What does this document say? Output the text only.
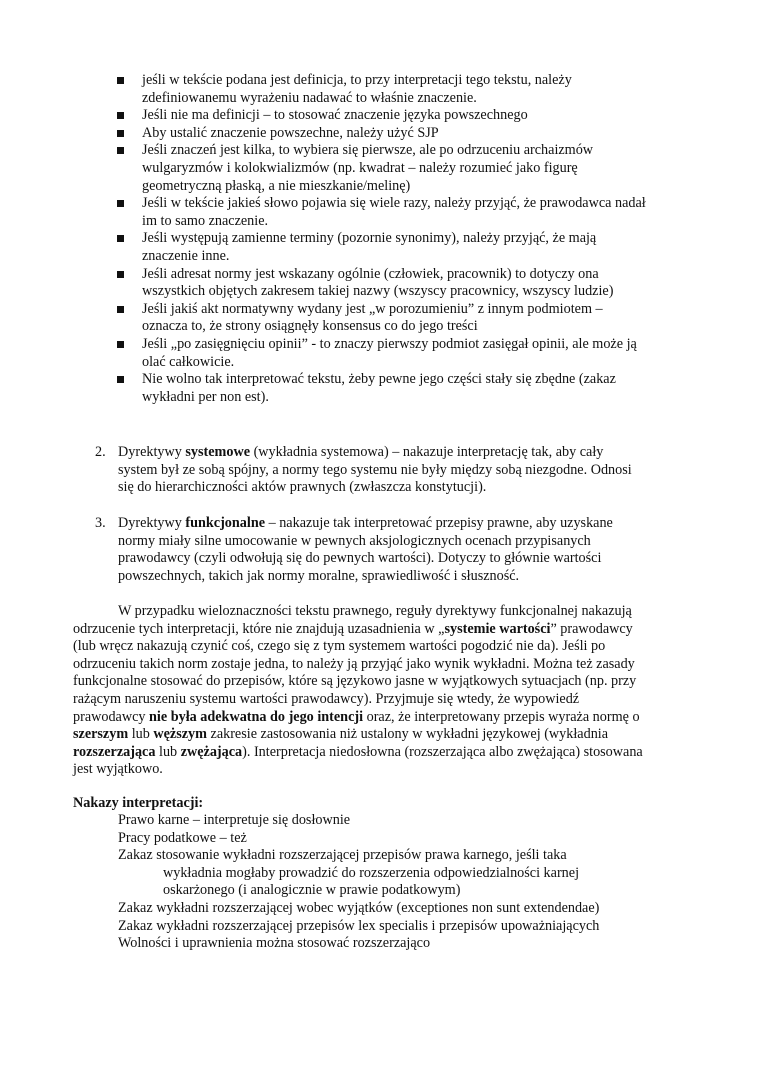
jeśli w tekście podana jest definicja, to przy interpretacji tego tekstu, należy
zdefiniowanemu wyrażeniu nadawać to właśnie znaczenie.
Jeśli nie ma definicji – to stosować znaczenie języka powszechnego
Aby ustalić znaczenie powszechne, należy użyć SJP
Jeśli znaczeń jest kilka, to wybiera się pierwsze, ale po odrzuceniu archaizmów
wulgaryzmów i kolokwializmów (np. kwadrat – należy rozumieć jako figurę
geometryczną płaską, a nie mieszkanie/melinę)
Jeśli w tekście jakieś słowo pojawia się wiele razy, należy przyjąć, że prawodawca nadał
im to samo znaczenie.
Jeśli występują zamienne terminy (pozornie synonimy), należy przyjąć, że mają
znaczenie inne.
Jeśli adresat normy jest wskazany ogólnie (człowiek, pracownik) to dotyczy ona
wszystkich objętych zakresem takiej nazwy (wszyscy pracownicy, wszyscy ludzie)
Jeśli jakiś akt normatywny wydany jest „w porozumieniu” z innym podmiotem –
oznacza to, że strony osiągnęły konsensus co do jego treści
Jeśli „po zasięgnięciu opinii” - to znaczy pierwszy podmiot zasięgał opinii, ale może ją
olać całkowicie.
Nie wolno tak interpretować tekstu, żeby pewne jego części stały się zbędne (zakaz
wykładni per non est).
2. Dyrektywy systemowe (wykładnia systemowa) – nakazuje interpretację tak, aby cały
system był ze sobą spójny, a normy tego systemu nie były między sobą niezgodne. Odnosi
się do hierarchiczności aktów prawnych (zwłaszcza konstytucji).
3. Dyrektywy funkcjonalne – nakazuje tak interpretować przepisy prawne, aby uzyskane
normy miały silne umocowanie w pewnych aksjologicznych ocenach przypisanych
prawodawcy (czyli odwołują się do pewnych wartości). Dotyczy to głównie wartości
powszechnych, takich jak normy moralne, sprawiedliwość i słuszność.
W przypadku wieloznaczności tekstu prawnego, reguły dyrektywy funkcjonalnej nakazują
odrzucenie tych interpretacji, które nie znajdują uzasadnienia w „systemie wartości” prawodawcy
(lub wręcz nakazują czynić coś, czego się z tym systemem wartości pogodzić nie da). Jeśli po
odrzuceniu takich norm zostaje jedna, to należy ją przyjąć jako wynik wykładni. Można też zasady
funkcjonalne stosować do przepisów, które są językowo jasne w wyjątkowych sytuacjach (np. przy
rażącym naruszeniu systemu wartości prawodawcy). Przyjmuje się wtedy, że wypowiedź
prawodawcy nie była adekwatna do jego intencji oraz, że interpretowany przepis wyraża normę o
szerszym lub węższym zakresie zastosowania niż ustalony w wykładni językowej (wykładnia
rozszerzająca lub zwężająca). Interpretacja niedosłowna (rozszerzająca albo zwężająca) stosowana
jest wyjątkowo.
Nakazy interpretacji:
Prawo karne – interpretuje się dosłownie
Pracy podatkowe – też
Zakaz stosowanie wykładni rozszerzającej przepisów prawa karnego, jeśli taka
wykładnia mogłaby prowadzić do rozszerzenia odpowiedzialności karnej
oskarżonego (i analogicznie w prawie podatkowym)
Zakaz wykładni rozszerzającej wobec wyjątków (exceptiones non sunt extendendae)
Zakaz wykładni rozszerzającej przepisów lex specialis i przepisów upoważniających
Wolności i uprawnienia można stosować rozszerzająco
